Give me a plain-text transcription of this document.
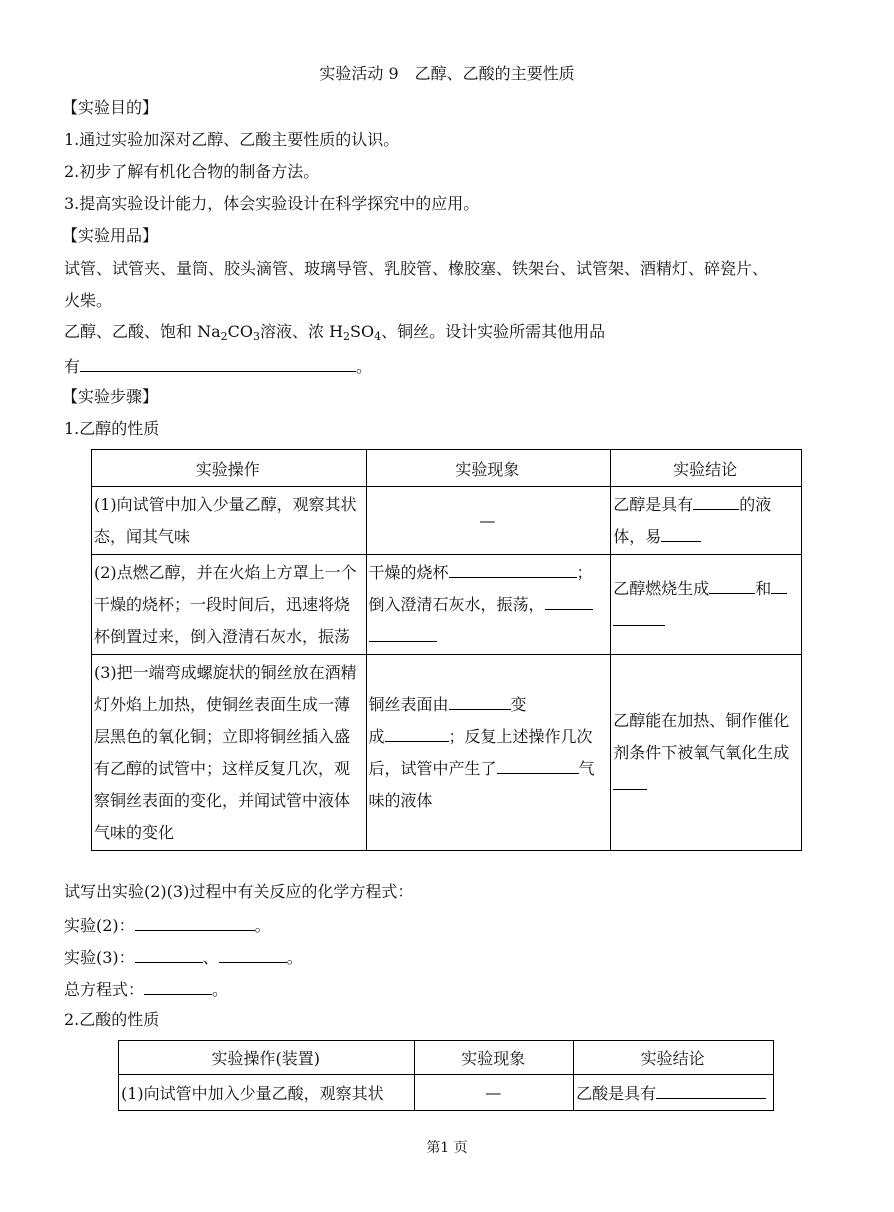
实验活动 9　乙醇、乙酸的主要性质
【实验目的】
1.通过实验加深对乙醇、乙酸主要性质的认识。
2.初步了解有机化合物的制备方法。
3.提高实验设计能力，体会实验设计在科学探究中的应用。
【实验用品】
试管、试管夹、量筒、胶头滴管、玻璃导管、乳胶管、橡胶塞、铁架台、试管架、酒精灯、碎瓷片、
火柴。
乙醇、乙酸、饱和 $Na_2CO_3$溶液、浓 $H_2SO_4$、铜丝。设计实验所需其他用品
有	。
【实验步骤】
1.乙醇的性质
实验操作	实验现象	实验结论
(1)向试管中加入少量乙醇，观察其状态，闻其气味	—	乙醇是具有 的液体，易
(2)点燃乙醇，并在火焰上方罩上一个干燥的烧杯；一段时间后，迅速将烧杯倒置过来，倒入澄清石灰水，振荡	干燥的烧杯 ；倒入澄清石灰水，振荡，	乙醇燃烧生成 和

(3)把一端弯成螺旋状的铜丝放在酒精灯外焰上加热，使铜丝表面生成一薄层黑色的氧化铜；立即将铜丝插入盛有乙醇的试管中；这样反复几次，观察铜丝表面的变化，并闻试管中液体气味的变化	铜丝表面由 变
成 ；反复上述操作几次
后，试管中产生了 气
味的液体	乙醇能在加热、铜作催化剂条件下被氧气氧化生成

试写出实验(2)(3)过程中有关反应的化学方程式：
实验(2)：	。
实验(3)：	、	。
总方程式：	。
2.乙酸的性质
实验操作(装置)	实验现象	实验结论
(1)向试管中加入少量乙酸，观察其状	—	乙酸是具有
第1 页
